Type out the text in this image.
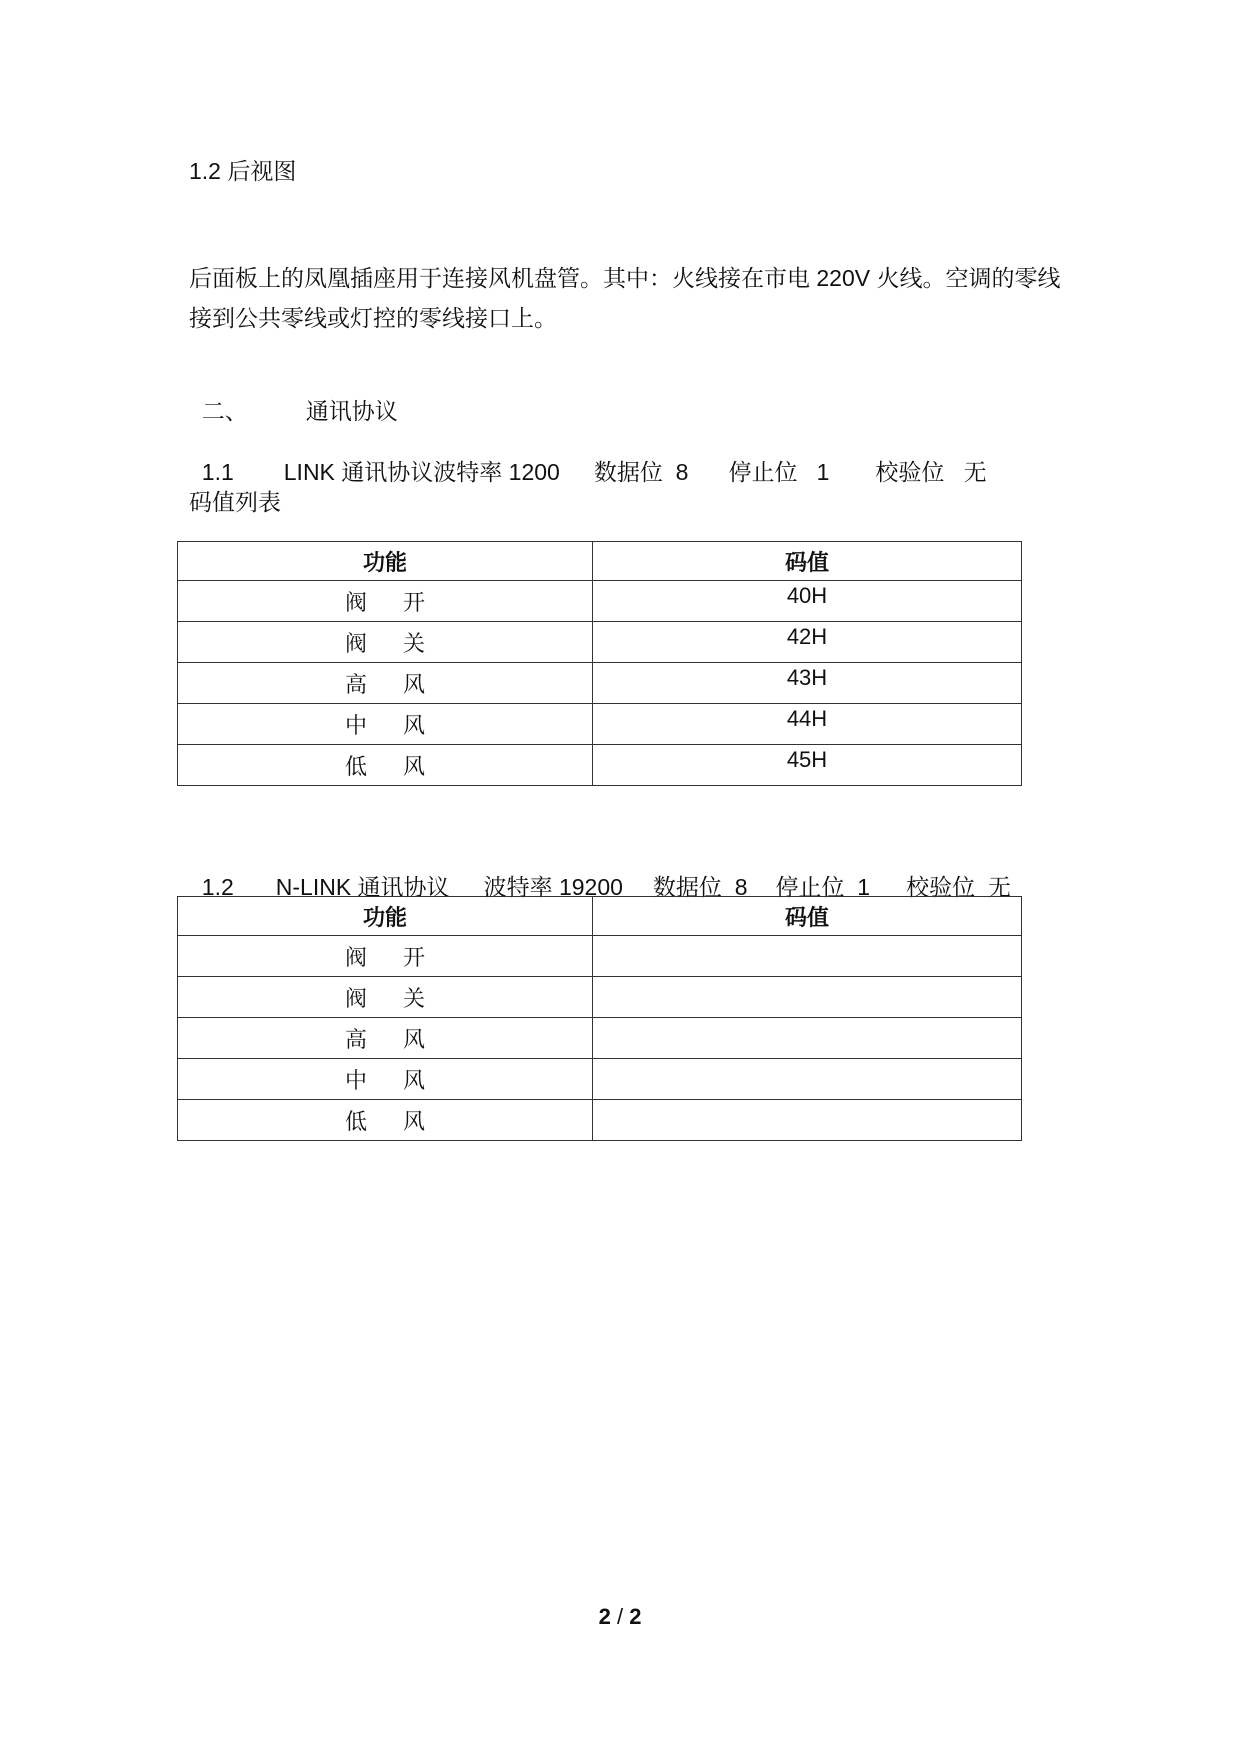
1.2 后视图
后面板上的凤凰插座用于连接风机盘管。其中：火线接在市电 220V 火线。空调的零线
接到公共零线或灯控的零线接口上。

二、	通讯协议

1.1 LINK 通讯协议波特率 1200 数据位  8 停止位   1 校验位   无

码值列表
功能	码值
阀 开	40H
阀 关	42H
高 风	43H
中 风	44H
低 风	45H

1.2 N-LINK 通讯协议 波特率 19200 数据位  8 停止位  1 校验位  无

功能	码值
阀 开	
阀 关	
高 风	
中 风	
低 风	
2 / 2
